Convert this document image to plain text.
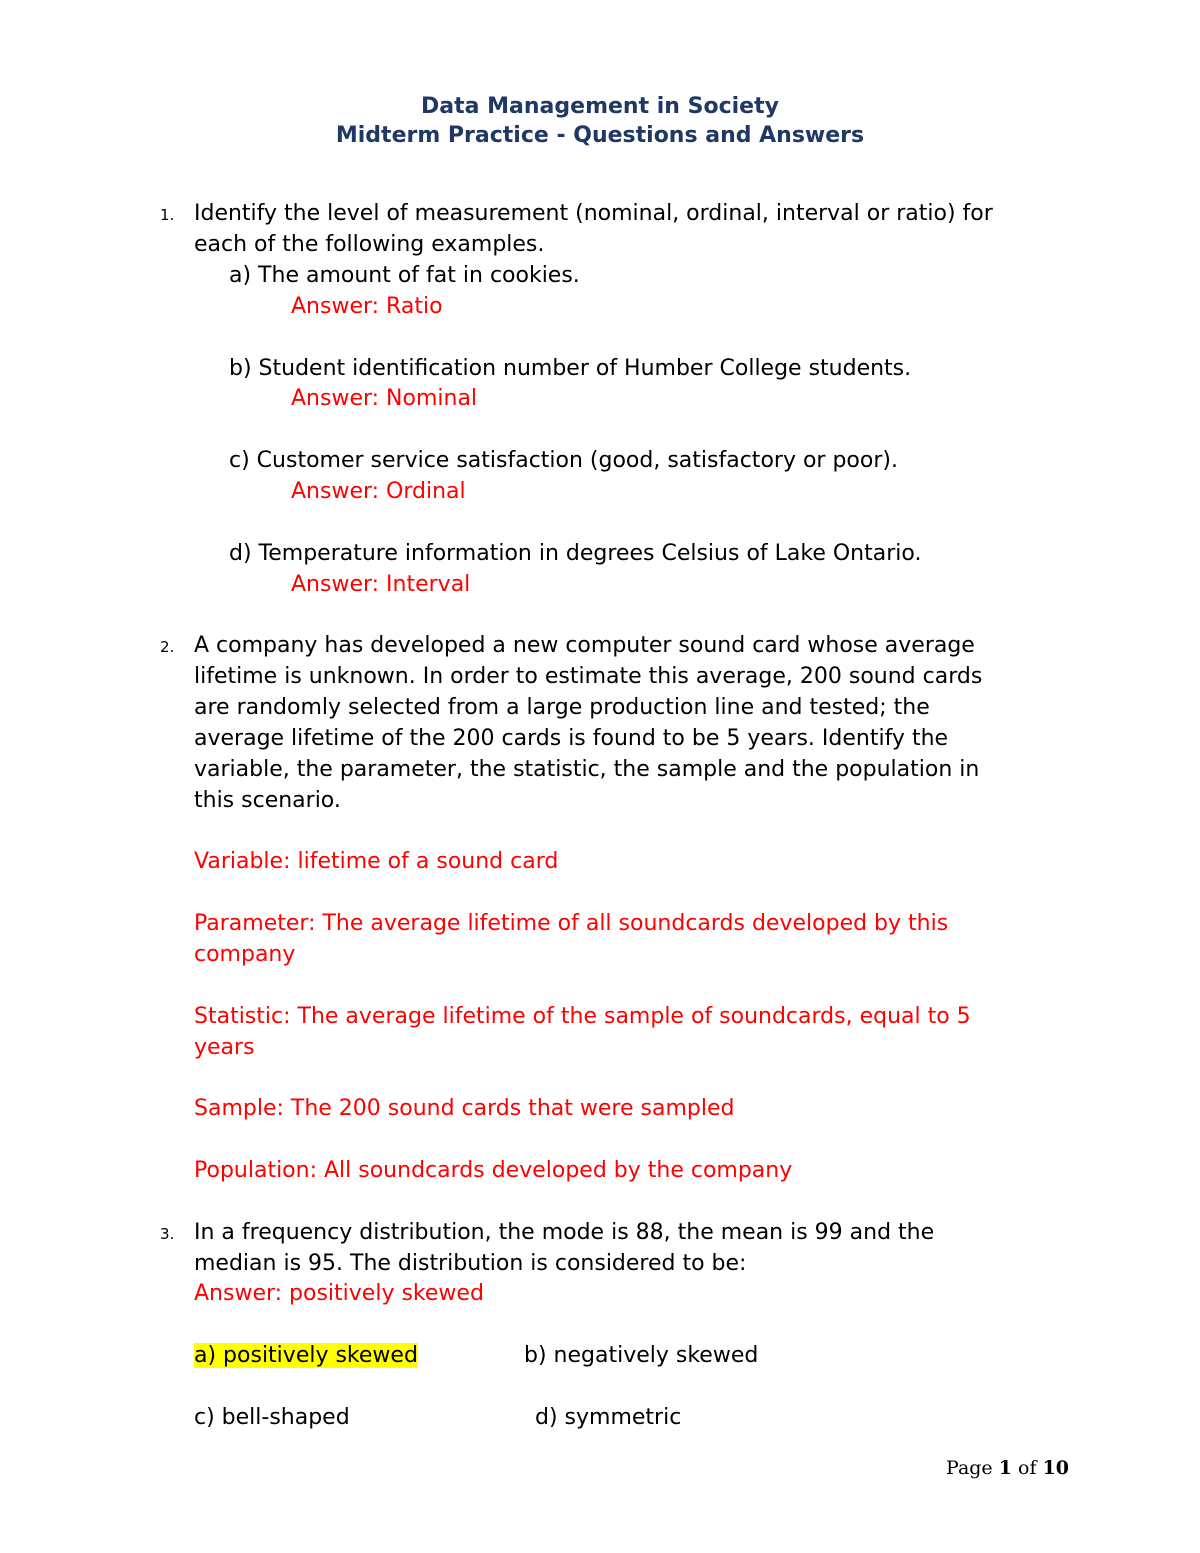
Data Management in Society
Midterm Practice - Questions and Answers
1. Identify the level of measurement (nominal, ordinal, interval or ratio) for
each of the following examples.
a) The amount of fat in cookies.
Answer: Ratio
b) Student identification number of Humber College students.
Answer: Nominal
c) Customer service satisfaction (good, satisfactory or poor).
Answer: Ordinal
d) Temperature information in degrees Celsius of Lake Ontario.
Answer: Interval
2. A company has developed a new computer sound card whose average
lifetime is unknown. In order to estimate this average, 200 sound cards
are randomly selected from a large production line and tested; the
average lifetime of the 200 cards is found to be 5 years. Identify the
variable, the parameter, the statistic, the sample and the population in
this scenario.
Variable: lifetime of a sound card
Parameter: The average lifetime of all soundcards developed by this
company
Statistic: The average lifetime of the sample of soundcards, equal to 5
years
Sample: The 200 sound cards that were sampled
Population: All soundcards developed by the company
3. In a frequency distribution, the mode is 88, the mean is 99 and the
median is 95. The distribution is considered to be:
Answer: positively skewed
a) positively skewed	b) negatively skewed
c) bell-shaped	d) symmetric
Page 1 of 10
